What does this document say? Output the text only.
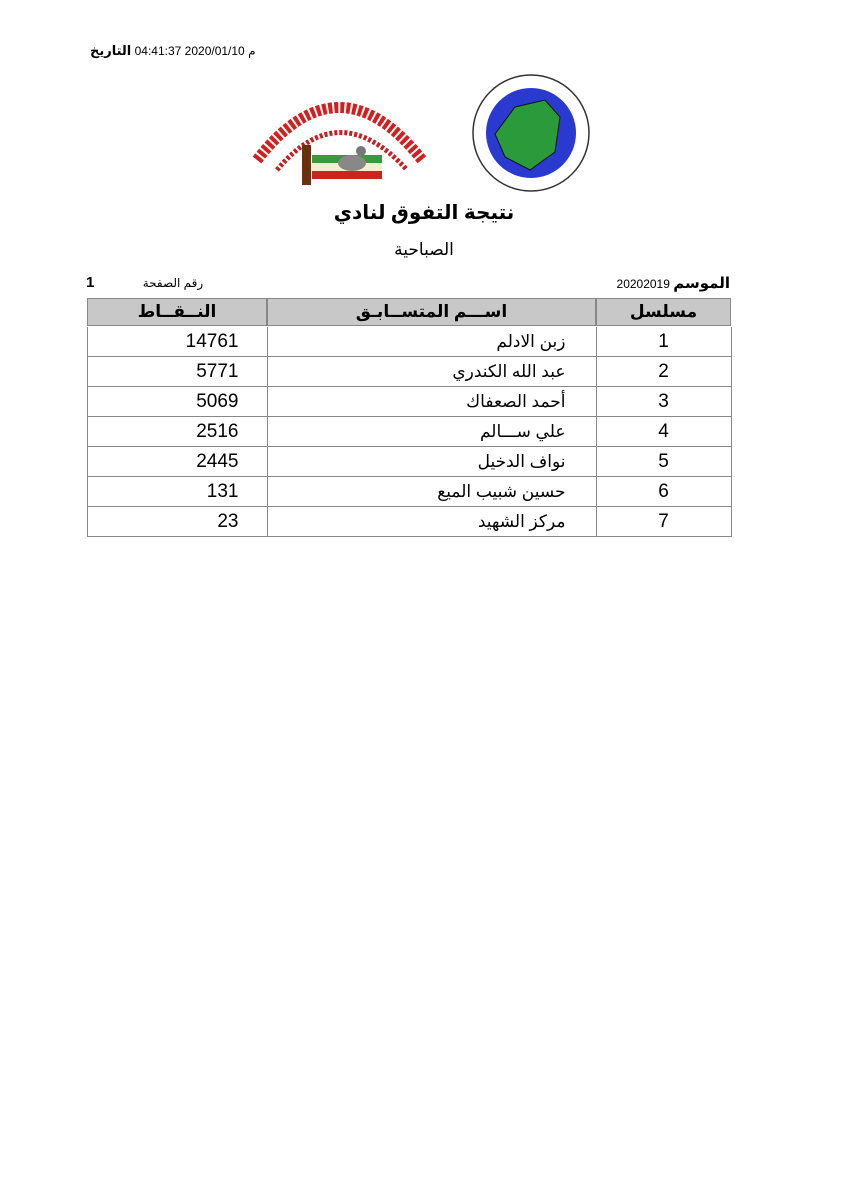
م 2020/01/10 04:41:37 التاريخ
نتيجة التفوق لنادي
الصباحية
الموسم 20202019
1	رقم الصفحة
مسلسل	اســـم المتســابـق	النــقــاط
1	زبن الادلم	14761
2	عبد الله الكندري	5771
3	أحمد الصعفاك	5069
4	علي ســـالم	2516
5	نواف الدخيل	2445
6	حسين شبيب الميع	131
7	مركز الشهيد	23
